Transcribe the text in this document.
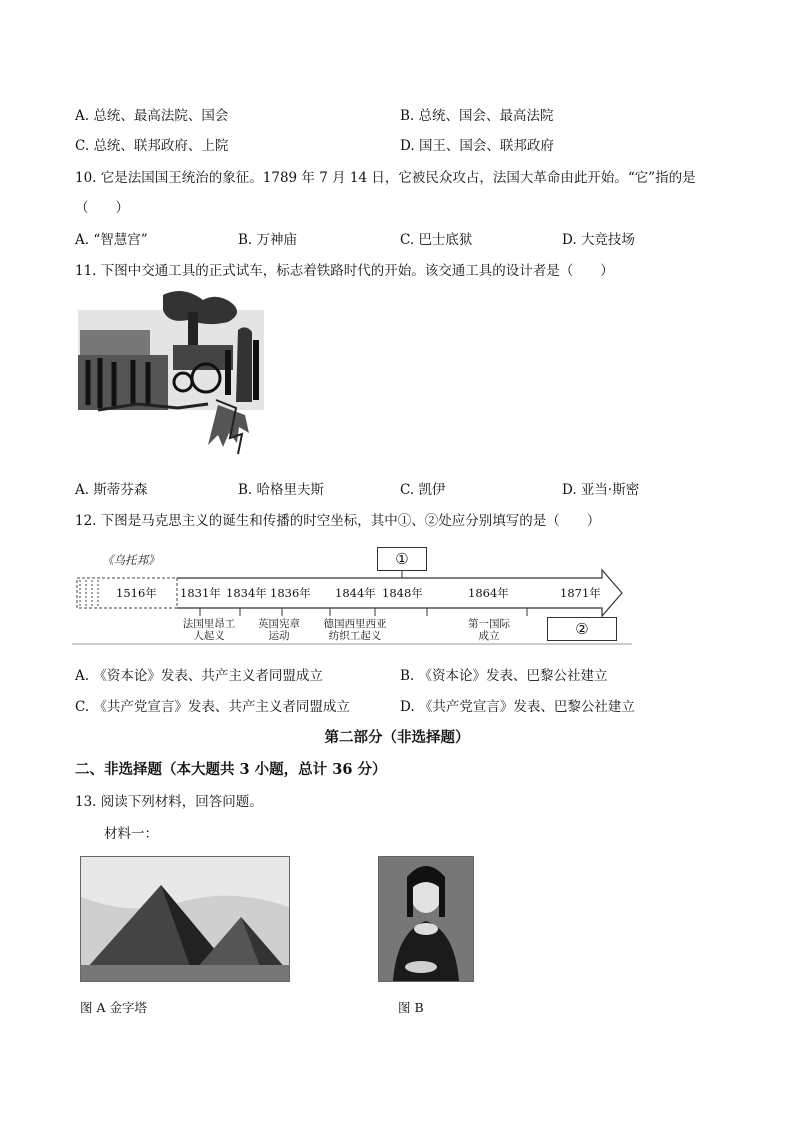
A. 总统、最高法院、国会	B. 总统、国会、最高法院
C. 总统、联邦政府、上院	D. 国王、国会、联邦政府
10. 它是法国国王统治的象征。1789 年 7 月 14 日，它被民众攻占，法国大革命由此开始。“它”指的是
（　　）
A. “智慧宫”	B. 万神庙	C. 巴士底狱	D. 大竞技场
11. 下图中交通工具的正式试车，标志着铁路时代的开始。该交通工具的设计者是（　　）
A. 斯蒂芬森	B. 哈格里夫斯	C. 凯伊	D. 亚当·斯密
12. 下图是马克思主义的诞生和传播的时空坐标，其中①、②处应分别填写的是（　　）
《乌托邦》	①
1516年 1831年 1834年 1836年 1844年 1848年	1864年	1871年
法国里昂工人起义
英国宪章运动
德国西里西亚纺织工起义
第一国际成立	②
A. 《资本论》发表、共产主义者同盟成立	B. 《资本论》发表、巴黎公社建立
C. 《共产党宣言》发表、共产主义者同盟成立	D. 《共产党宣言》发表、巴黎公社建立
第二部分（非选择题）
二、非选择题（本大题共 3 小题，总计 36 分）
13. 阅读下列材料，回答问题。
材料一：
图 A 金字塔	图 B
